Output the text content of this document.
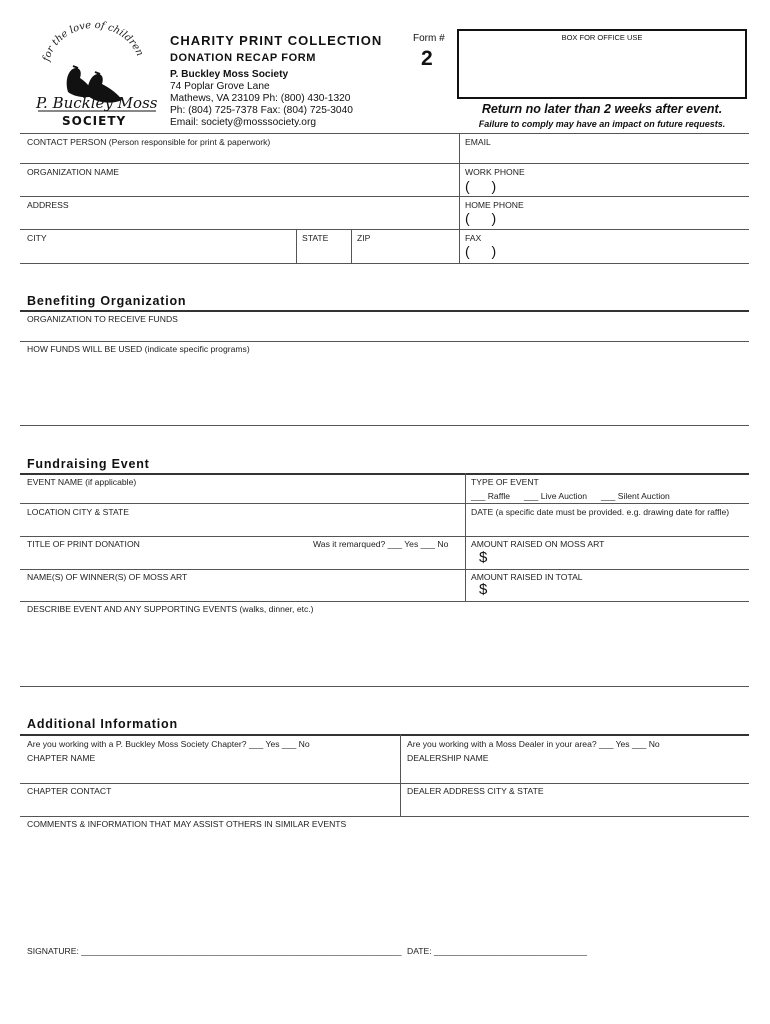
for the love of children
P. Buckley Moss
SOCIETY
CHARITY PRINT COLLECTION
DONATION RECAP FORM
P. Buckley Moss Society
74 Poplar Grove Lane
Mathews, VA 23109 Ph: (800) 430-1320
Ph: (804) 725-7378 Fax: (804) 725-3040
Email: society@mosssociety.org
Form #
2
BOX FOR OFFICE USE
Return no later than 2 weeks after event.
Failure to comply may have an impact on future requests.
CONTACT PERSON (Person responsible for print & paperwork)	EMAIL
ORGANIZATION NAME	WORK PHONE
( )
ADDRESS	HOME PHONE
( )
CITY	STATE	ZIP	FAX
( )
Benefiting Organization
ORGANIZATION TO RECEIVE FUNDS
HOW FUNDS WILL BE USED (indicate specific programs)
Fundraising Event
EVENT NAME (if applicable)	TYPE OF EVENT
___ Raffle ___ Live Auction ___ Silent Auction
LOCATION CITY & STATE	DATE (a specific date must be provided. e.g. drawing date for raffle)
TITLE OF PRINT DONATION	Was it remarqued? ___ Yes ___ No	AMOUNT RAISED ON MOSS ART
$
NAME(S) OF WINNER(S) OF MOSS ART	AMOUNT RAISED IN TOTAL
$
DESCRIBE EVENT AND ANY SUPPORTING EVENTS (walks, dinner, etc.)
Additional Information
Are you working with a P. Buckley Moss Society Chapter? ___ Yes ___ No	Are you working with a Moss Dealer in your area? ___ Yes ___ No
CHAPTER NAME	DEALERSHIP NAME
CHAPTER CONTACT	DEALER ADDRESS CITY & STATE
COMMENTS & INFORMATION THAT MAY ASSIST OTHERS IN SIMILAR EVENTS
SIGNATURE: ___________________________________________________________________ DATE: ________________________________
